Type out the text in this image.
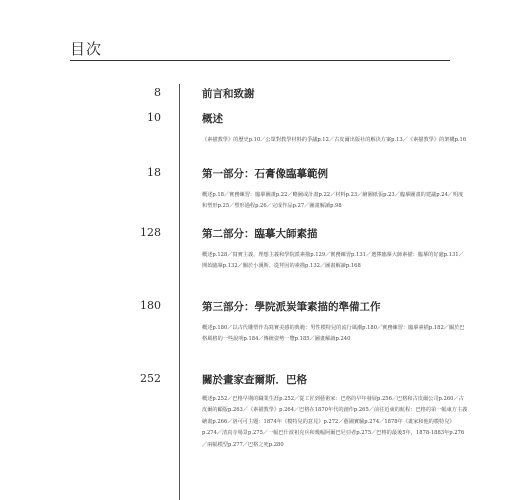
目次
8	前言和致謝
10	概述
《素描教學》的歷史p.10／公眾對教學材料的爭議p.12／古皮爾出版社的解決方案p.13／《素描教學》的架構p.16
18	第一部分：石膏像臨摹範例
概述p.18／實務練習：臨摹圖畫p.22／略圖或計畫p.22／材料p.23／繪圖紙張p.23／臨摹圖畫的建議p.24／明度和塑形p.25／塑形過程p.26／完成作品p.27／圖畫解讀p.98
128	第二部分：臨摹大師素描
概述p.128／寫實主義、理想主義和學院派素描p.129／實務練習p.131／選擇臨摹大師素描：臨摹的好處p.131／開始臨摹p.132／關於小溪斯、從拜因的素描p.132／圖畫解讀p.168
180	第三部分：學院派炭筆素描的準備工作
概述p.180／以古代雕塑作為寫實美感的典範：男性模特兒的流行風潮p.180／實務練習：臨摹素描p.182／關於巴格風格的一些說明p.184／傳統姿勢一覽p.185／圖畫解讀p.240
252	關於畫家查爾斯．巴格
概述p.252／巴格早期的職業生涯p.252／從工匠到藝術家：巴格的早年發展p.256／巴格和古皮爾公司p.260／古皮爾的顧版p.263／《素描教學》p.264／巴格在1870年代的創作p.265／前往近東的航程：巴格的第一幅東方主義繪畫p.266／洛可可主題：1874年《模特兒的意見》p.272／藝圃實驗p.274／1878年《畫家和他的模特兒》p.274／清真寺場景p.275／一幅巴什波祖克兵和幾幅阿爾巴尼亞者p.275／巴格的最後5年，1878-1883年p.276／兩幅模型p.277／巴格之死p.280
